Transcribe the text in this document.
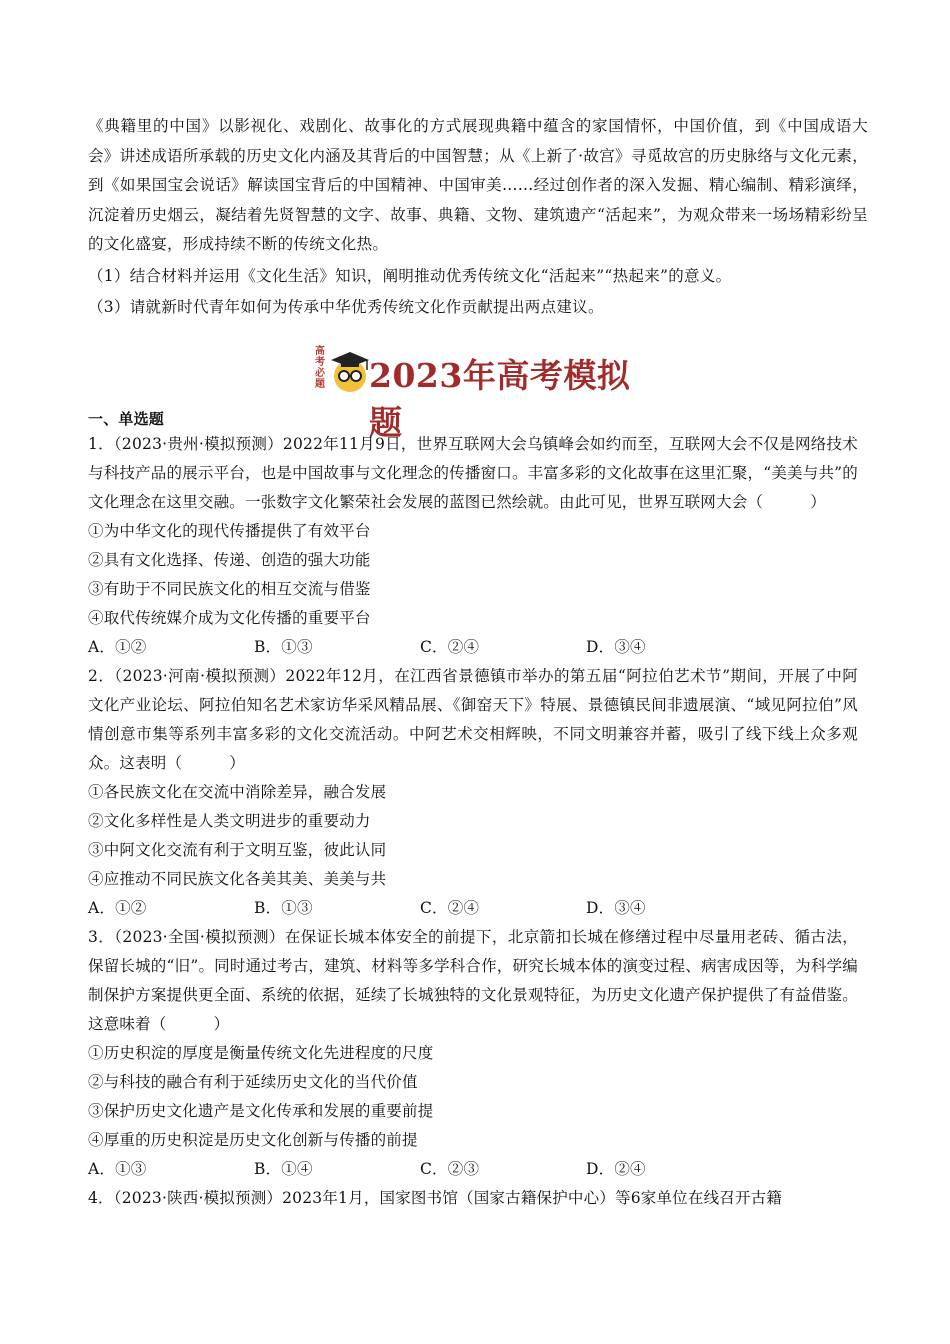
《典籍里的中国》以影视化、戏剧化、故事化的方式展现典籍中蕴含的家国情怀，中国价值，到《中国成语大会》讲述成语所承载的历史文化内涵及其背后的中国智慧；从《上新了·故宫》寻觅故宫的历史脉络与文化元素，到《如果国宝会说话》解读国宝背后的中国精神、中国审美……经过创作者的深入发掘、精心编制、精彩演绎，沉淀着历史烟云，凝结着先贤智慧的文字、故事、典籍、文物、建筑遗产“活起来”，为观众带来一场场精彩纷呈的文化盛宴，形成持续不断的传统文化热。

（1）结合材料并运用《文化生活》知识，阐明推动优秀传统文化“活起来”“热起来”的意义。

（3）请就新时代青年如何为传承中华优秀传统文化作贡献提出两点建议。

高
考
必
题 2023年高考模拟题
一、单选题

1．（2023·贵州·模拟预测）2022年11月9日，世界互联网大会乌镇峰会如约而至，互联网大会不仅是网络技术与科技产品的展示平台，也是中国故事与文化理念的传播窗口。丰富多彩的文化故事在这里汇聚，“美美与共”的文化理念在这里交融。一张数字文化繁荣社会发展的蓝图已然绘就。由此可见，世界互联网大会（　　　）

①为中华文化的现代传播提供了有效平台
②具有文化选择、传递、创造的强大功能
③有助于不同民族文化的相互交流与借鉴
④取代传统媒介成为文化传播的重要平台
A．①②	B．①③	C．②④	D．③④

2．（2023·河南·模拟预测）2022年12月，在江西省景德镇市举办的第五届“阿拉伯艺术节”期间，开展了中阿文化产业论坛、阿拉伯知名艺术家访华采风精品展、《御窑天下》特展、景德镇民间非遗展演、“域见阿拉伯”风情创意市集等系列丰富多彩的文化交流活动。中阿艺术交相辉映，不同文明兼容并蓄，吸引了线下线上众多观众。这表明（　　　）

①各民族文化在交流中消除差异，融合发展
②文化多样性是人类文明进步的重要动力
③中阿文化交流有利于文明互鉴，彼此认同
④应推动不同民族文化各美其美、美美与共
A．①②	B．①③	C．②④	D．③④

3．（2023·全国·模拟预测）在保证长城本体安全的前提下，北京箭扣长城在修缮过程中尽量用老砖、循古法，保留长城的“旧”。同时通过考古，建筑、材料等多学科合作，研究长城本体的演变过程、病害成因等，为科学编制保护方案提供更全面、系统的依据，延续了长城独特的文化景观特征，为历史文化遗产保护提供了有益借鉴。这意味着（　　　）

①历史积淀的厚度是衡量传统文化先进程度的尺度
②与科技的融合有利于延续历史文化的当代价值
③保护历史文化遗产是文化传承和发展的重要前提
④厚重的历史积淀是历史文化创新与传播的前提
A．①③	B．①④	C．②③	D．②④

4．（2023·陕西·模拟预测）2023年1月，国家图书馆（国家古籍保护中心）等6家单位在线召开古籍
